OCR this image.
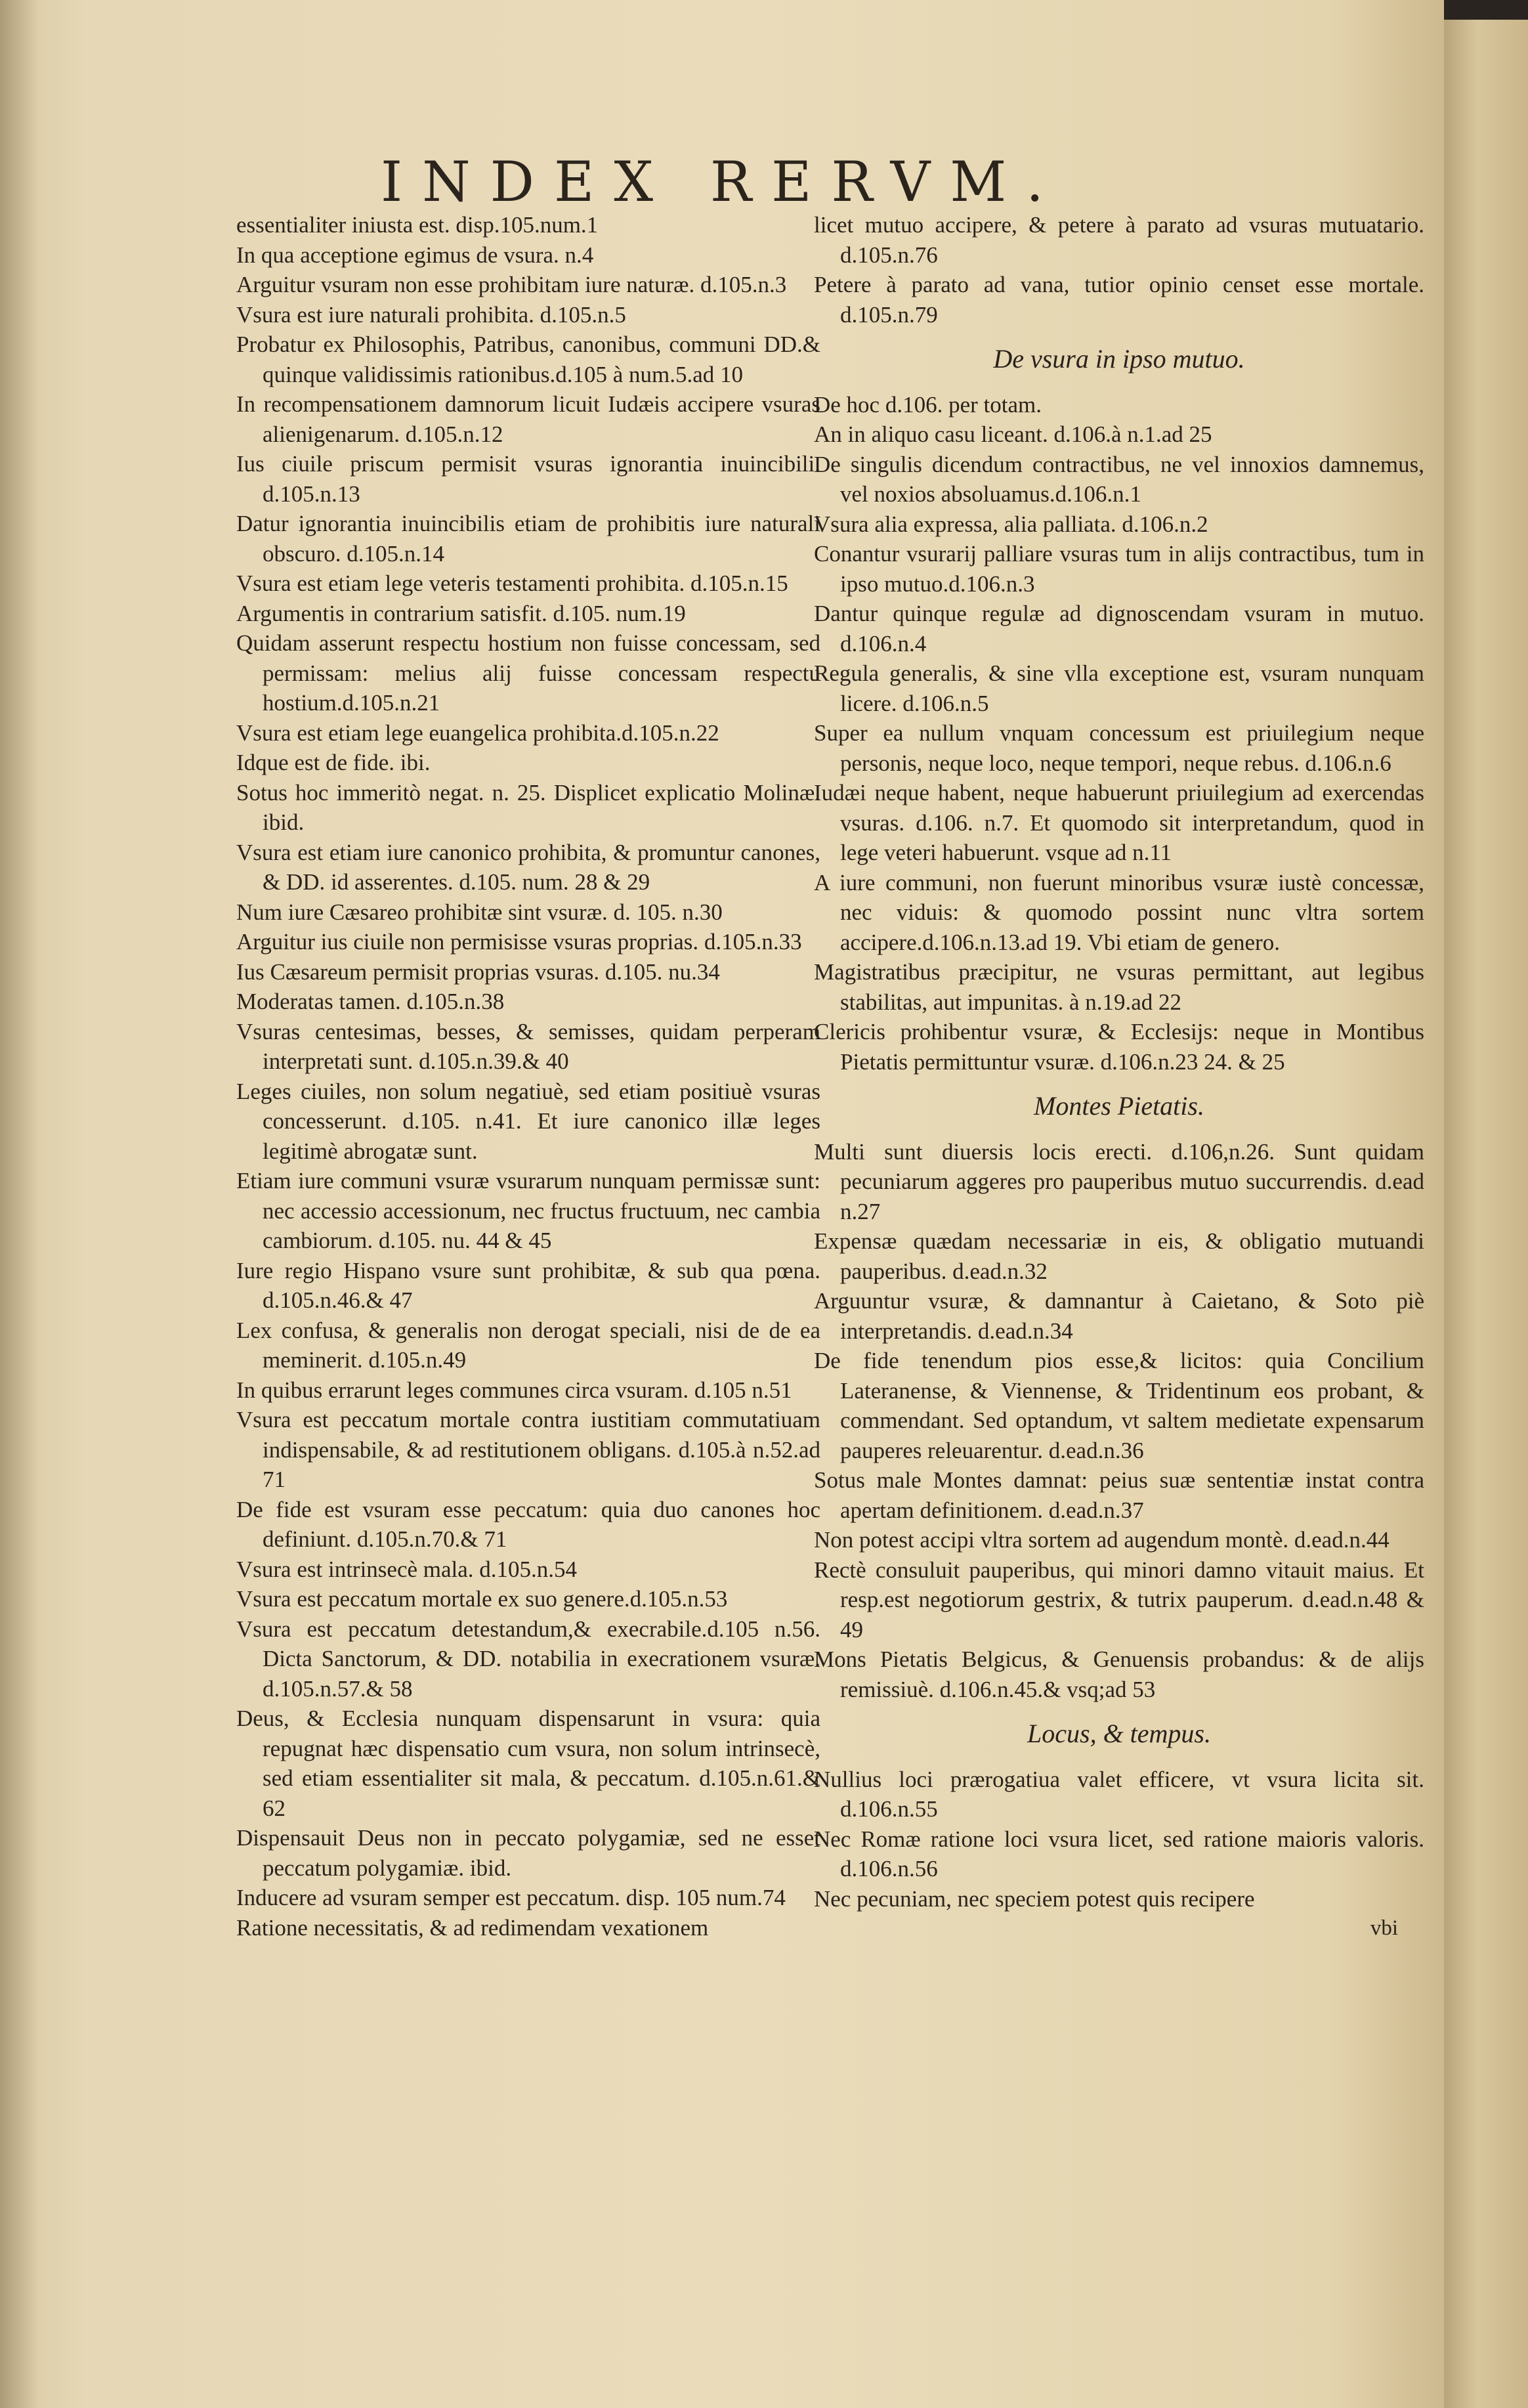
INDEX RERVM.
essentialiter iniusta est. disp.105.num.1
In qua acceptione egimus de vsura. n.4
Arguitur vsuram non esse prohibitam iure naturæ. d.105.n.3
Vsura est iure naturali prohibita. d.105.n.5
Probatur ex Philosophis, Patribus, canonibus, communi DD.& quinque validissimis rationibus.d.105 à num.5.ad 10
In recompensationem damnorum licuit Iudæis accipere vsuras alienigenarum. d.105.n.12
Ius ciuile priscum permisit vsuras ignorantia inuincibili. d.105.n.13
Datur ignorantia inuincibilis etiam de prohibitis iure naturali obscuro. d.105.n.14
Vsura est etiam lege veteris testamenti prohibita. d.105.n.15
Argumentis in contrarium satisfit. d.105. num.19
Quidam asserunt respectu hostium non fuisse concessam, sed permissam: melius alij fuisse concessam respectu hostium.d.105.n.21
Vsura est etiam lege euangelica prohibita.d.105.n.22
Idque est de fide. ibi.
Sotus hoc immeritò negat. n. 25. Displicet explicatio Molinæ. ibid.
Vsura est etiam iure canonico prohibita, & promuntur canones, & DD. id asserentes. d.105. num. 28 & 29
Num iure Cæsareo prohibitæ sint vsuræ. d. 105. n.30
Arguitur ius ciuile non permisisse vsuras proprias. d.105.n.33
Ius Cæsareum permisit proprias vsuras. d.105. nu.34
Moderatas tamen. d.105.n.38
Vsuras centesimas, besses, & semisses, quidam perperam interpretati sunt. d.105.n.39.& 40
Leges ciuiles, non solum negatiuè, sed etiam positiuè vsuras concesserunt. d.105. n.41. Et iure canonico illæ leges legitimè abrogatæ sunt.
Etiam iure communi vsuræ vsurarum nunquam permissæ sunt: nec accessio accessionum, nec fructus fructuum, nec cambia cambiorum. d.105. nu. 44 & 45
Iure regio Hispano vsure sunt prohibitæ, & sub qua pœna. d.105.n.46.& 47
Lex confusa, & generalis non derogat speciali, nisi de de ea meminerit. d.105.n.49
In quibus errarunt leges communes circa vsuram. d.105 n.51
Vsura est peccatum mortale contra iustitiam commutatiuam indispensabile, & ad restitutionem obligans. d.105.à n.52.ad 71
De fide est vsuram esse peccatum: quia duo canones hoc definiunt. d.105.n.70.& 71
Vsura est intrinsecè mala. d.105.n.54
Vsura est peccatum mortale ex suo genere.d.105.n.53
Vsura est peccatum detestandum,& execrabile.d.105 n.56. Dicta Sanctorum, & DD. notabilia in execrationem vsuræ. d.105.n.57.& 58
Deus, & Ecclesia nunquam dispensarunt in vsura: quia repugnat hæc dispensatio cum vsura, non solum intrinsecè, sed etiam essentialiter sit mala, & peccatum. d.105.n.61.& 62
Dispensauit Deus non in peccato polygamiæ, sed ne esset peccatum polygamiæ. ibid.
Inducere ad vsuram semper est peccatum. disp. 105 num.74
Ratione necessitatis, & ad redimendam vexationem
licet mutuo accipere, & petere à parato ad vsuras mutuatario. d.105.n.76
Petere à parato ad vana, tutior opinio censet esse mortale. d.105.n.79
De vsura in ipso mutuo.
De hoc d.106. per totam.
An in aliquo casu liceant. d.106.à n.1.ad 25
De singulis dicendum contractibus, ne vel innoxios damnemus, vel noxios absoluamus.d.106.n.1
Vsura alia expressa, alia palliata. d.106.n.2
Conantur vsurarij palliare vsuras tum in alijs contractibus, tum in ipso mutuo.d.106.n.3
Dantur quinque regulæ ad dignoscendam vsuram in mutuo. d.106.n.4
Regula generalis, & sine vlla exceptione est, vsuram nunquam licere. d.106.n.5
Super ea nullum vnquam concessum est priuilegium neque personis, neque loco, neque tempori, neque rebus. d.106.n.6
Iudæi neque habent, neque habuerunt priuilegium ad exercendas vsuras. d.106. n.7. Et quomodo sit interpretandum, quod in lege veteri habuerunt. vsque ad n.11
A iure communi, non fuerunt minoribus vsuræ iustè concessæ, nec viduis: & quomodo possint nunc vltra sortem accipere.d.106.n.13.ad 19. Vbi etiam de genero.
Magistratibus præcipitur, ne vsuras permittant, aut legibus stabilitas, aut impunitas. à n.19.ad 22
Clericis prohibentur vsuræ, & Ecclesijs: neque in Montibus Pietatis permittuntur vsuræ. d.106.n.23 24. & 25
Montes Pietatis.
Multi sunt diuersis locis erecti. d.106,n.26. Sunt quidam pecuniarum aggeres pro pauperibus mutuo succurrendis. d.ead n.27
Expensæ quædam necessariæ in eis, & obligatio mutuandi pauperibus. d.ead.n.32
Arguuntur vsuræ, & damnantur à Caietano, & Soto piè interpretandis. d.ead.n.34
De fide tenendum pios esse,& licitos: quia Concilium Lateranense, & Viennense, & Tridentinum eos probant, & commendant. Sed optandum, vt saltem medietate expensarum pauperes releuarentur. d.ead.n.36
Sotus male Montes damnat: peius suæ sententiæ instat contra apertam definitionem. d.ead.n.37
Non potest accipi vltra sortem ad augendum montè. d.ead.n.44
Rectè consuluit pauperibus, qui minori damno vitauit maius. Et resp.est negotiorum gestrix, & tutrix pauperum. d.ead.n.48 & 49
Mons Pietatis Belgicus, & Genuensis probandus: & de alijs remissiuè. d.106.n.45.& vsq;ad 53
Locus, & tempus.
Nullius loci prærogatiua valet efficere, vt vsura licita sit. d.106.n.55
Nec Romæ ratione loci vsura licet, sed ratione maioris valoris. d.106.n.56
Nec pecuniam, nec speciem potest quis recipere
vbi
